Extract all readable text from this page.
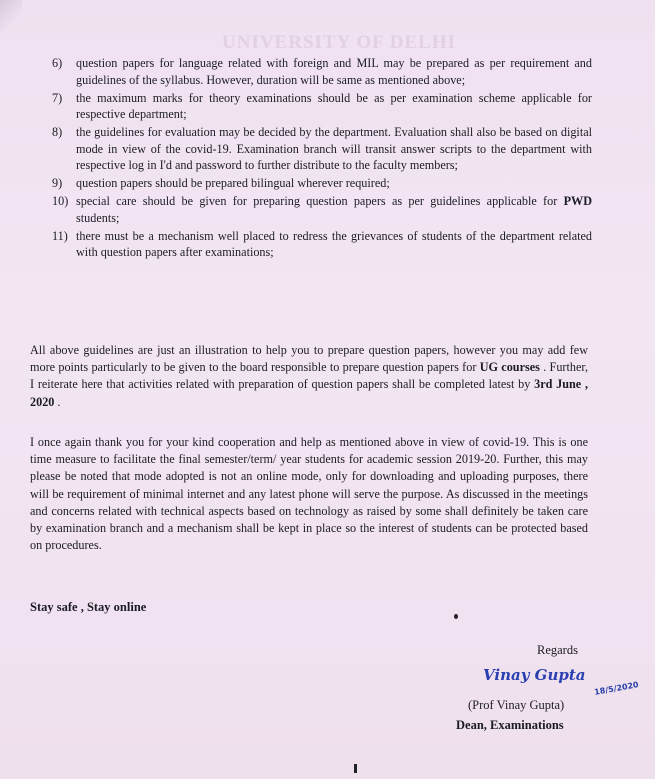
UNIVERSITY OF DELHI
6) question papers for language related with foreign and MIL may be prepared as per requirement and guidelines of the syllabus. However, duration will be same as mentioned above;
7) the maximum marks for theory examinations should be as per examination scheme applicable for respective department;
8) the guidelines for evaluation may be decided by the department. Evaluation shall also be based on digital mode in view of the covid-19. Examination branch will transit answer scripts to the department with respective log in I'd and password to further distribute to the faculty members;
9) question papers should be prepared bilingual wherever required;
10) special care should be given for preparing question papers as per guidelines applicable for PWD students;
11) there must be a mechanism well placed to redress the grievances of students of the department related with question papers after examinations;

All above guidelines are just an illustration to help you to prepare question papers, however you may add few more points particularly to be given to the board responsible to prepare question papers for UG courses . Further, I reiterate here that activities related with preparation of question papers shall be completed latest by 3rd June , 2020 .

I once again thank you for your kind cooperation and help as mentioned above in view of covid-19. This is one time measure to facilitate the final semester/term/ year students for academic session 2019-20. Further, this may please be noted that mode adopted is not an online mode, only for downloading and uploading purposes, there will be requirement of minimal internet and any latest phone will serve the purpose. As discussed in the meetings and concerns related with technical aspects based on technology as raised by some shall definitely be taken care by examination branch and a mechanism shall be kept in place so the interest of students can be protected based on procedures.

Stay safe , Stay online
Regards
Vinay Gupta
18/5/2020
(Prof Vinay Gupta)
Dean, Examinations
